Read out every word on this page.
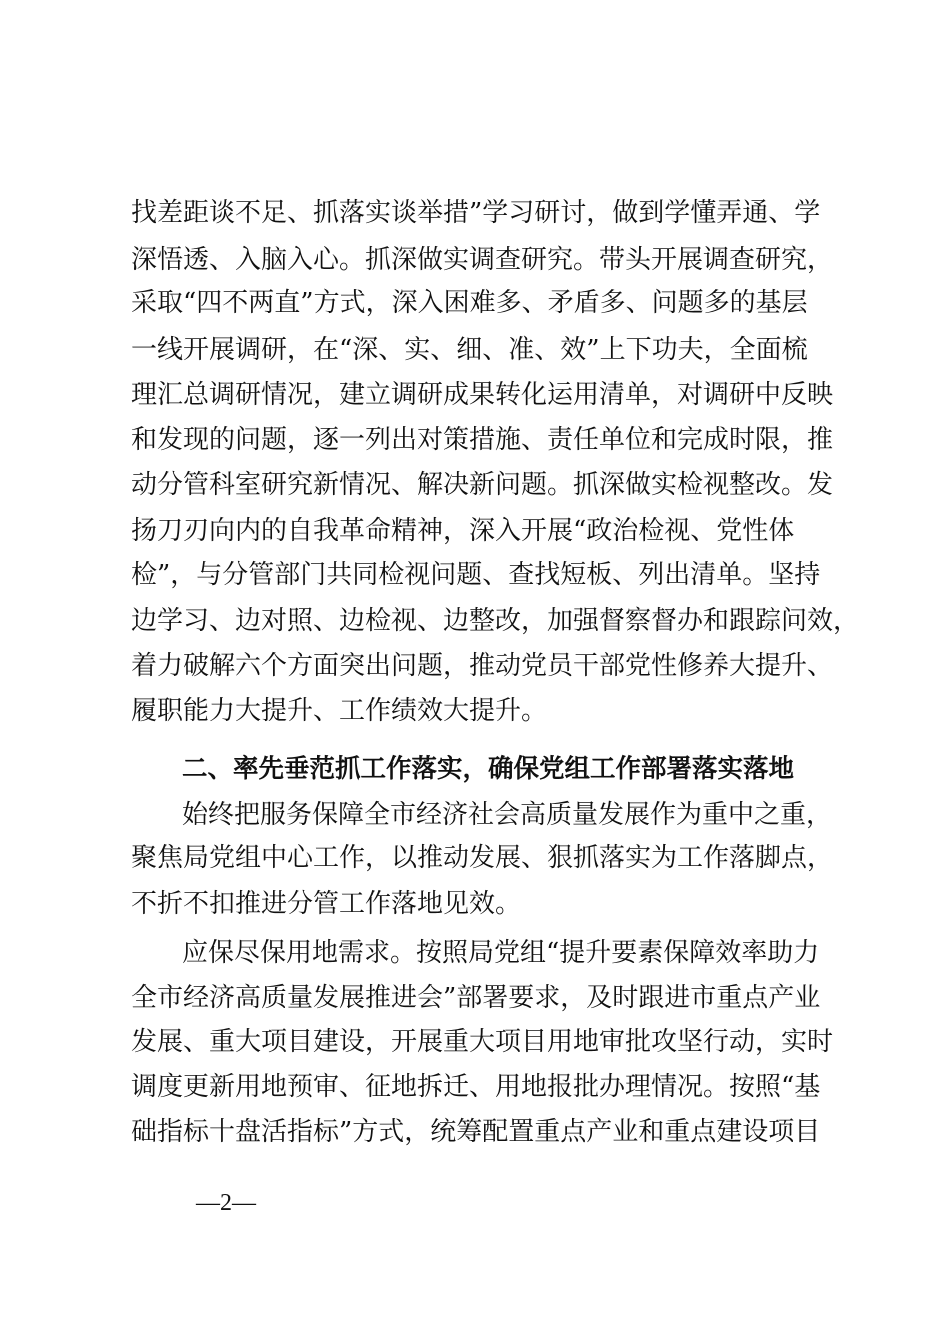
找差距谈不足、抓落实谈举措”学习研讨，做到学懂弄通、学
深悟透、入脑入心。抓深做实调查研究。带头开展调查研究，
采取“四不两直”方式，深入困难多、矛盾多、问题多的基层
一线开展调研，在“深、实、细、准、效”上下功夫，全面梳
理汇总调研情况，建立调研成果转化运用清单，对调研中反映
和发现的问题，逐一列出对策措施、责任单位和完成时限，推
动分管科室研究新情况、解决新问题。抓深做实检视整改。发
扬刀刃向内的自我革命精神，深入开展“政治检视、党性体
检”，与分管部门共同检视问题、查找短板、列出清单。坚持
边学习、边对照、边检视、边整改，加强督察督办和跟踪问效，
着力破解六个方面突出问题，推动党员干部党性修养大提升、
履职能力大提升、工作绩效大提升。
二、率先垂范抓工作落实，确保党组工作部署落实落地
始终把服务保障全市经济社会高质量发展作为重中之重，
聚焦局党组中心工作，以推动发展、狠抓落实为工作落脚点，
不折不扣推进分管工作落地见效。
应保尽保用地需求。按照局党组“提升要素保障效率助力
全市经济高质量发展推进会”部署要求，及时跟进市重点产业
发展、重大项目建设，开展重大项目用地审批攻坚行动，实时
调度更新用地预审、征地拆迁、用地报批办理情况。按照“基
础指标十盘活指标”方式，统筹配置重点产业和重点建设项目
—2—
